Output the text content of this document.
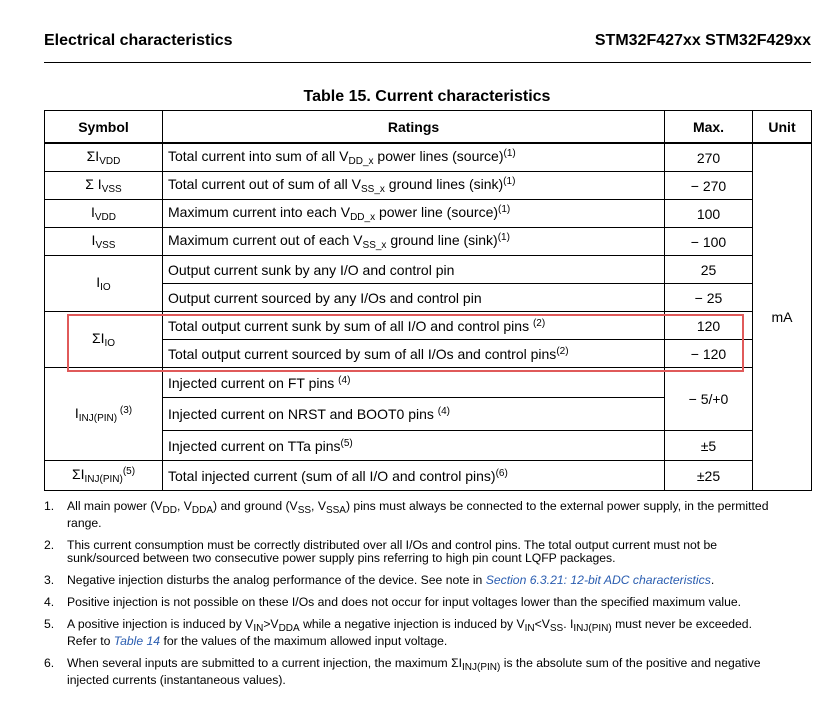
Electrical characteristics	STM32F427xx STM32F429xx
Table 15. Current characteristics
Symbol	Ratings	Max.	Unit
$\Sigma I_{VDD}$	Total current into sum of all $V_{DD\_x}$ power lines (source)$^{(1)}$	270	mA
Σ $I_{VSS}$	Total current out of sum of all $V_{SS\_x}$ ground lines $(\sin k)^{(1)}$	− 270	
$I_{VDD}$	Maximum current into each $V_{DD\_x}$ power line (source)$^{(1)}$	100	
$I_{VSS}$	Maximum current out of each $V_{SS\_x}$ ground line $(\sin k)^{(1)}$	− 100	
$I_{IO}$	Output current sunk by any I/O and control pin	25	
	Output current sourced by any I/Os and control pin	− 25	
$\Sigma I_{IO}$	Total output current sunk by sum of all I/O and control pins $^{(2)}$	120	
	Total output current sourced by sum of all I/Os and control pins$^{(2)}$	− 120	
$I_{INJ(PIN)}$ $^{(3)}$	Injected current on FT pins $^{(4)}$	− 5/+0	
	Injected current on NRST and BOOT0 pins $^{(4)}$
	Injected current on TTa pins$^{(5)}$	±5	
$\Sigma I_{INJ(PIN)}^{(5)}$	Total injected current (sum of all I/O and control pins)$^{(6)}$	±25	
1. All main power ($V_{DD}$, $V_{DDA}$) and ground ($V_{SS}$, $V_{SSA}$) pins must always be connected to the external power supply, in the permitted range.
2. This current consumption must be correctly distributed over all I/Os and control pins. The total output current must not be sunk/sourced between two consecutive power supply pins referring to high pin count LQFP packages.
3. Negative injection disturbs the analog performance of the device. See note in Section 6.3.21: 12-bit ADC characteristics.
4. Positive injection is not possible on these I/Os and does not occur for input voltages lower than the specified maximum value.
5. A positive injection is induced by $V_{IN}>V_{DDA}$ while a negative injection is induced by $V_{IN}<V_{SS}$. $I_{INJ(PIN)}$ must never be exceeded. Refer to Table 14 for the values of the maximum allowed input voltage.
6. When several inputs are submitted to a current injection, the maximum $\Sigma I_{INJ(PIN)}$ is the absolute sum of the positive and negative injected currents (instantaneous values).
